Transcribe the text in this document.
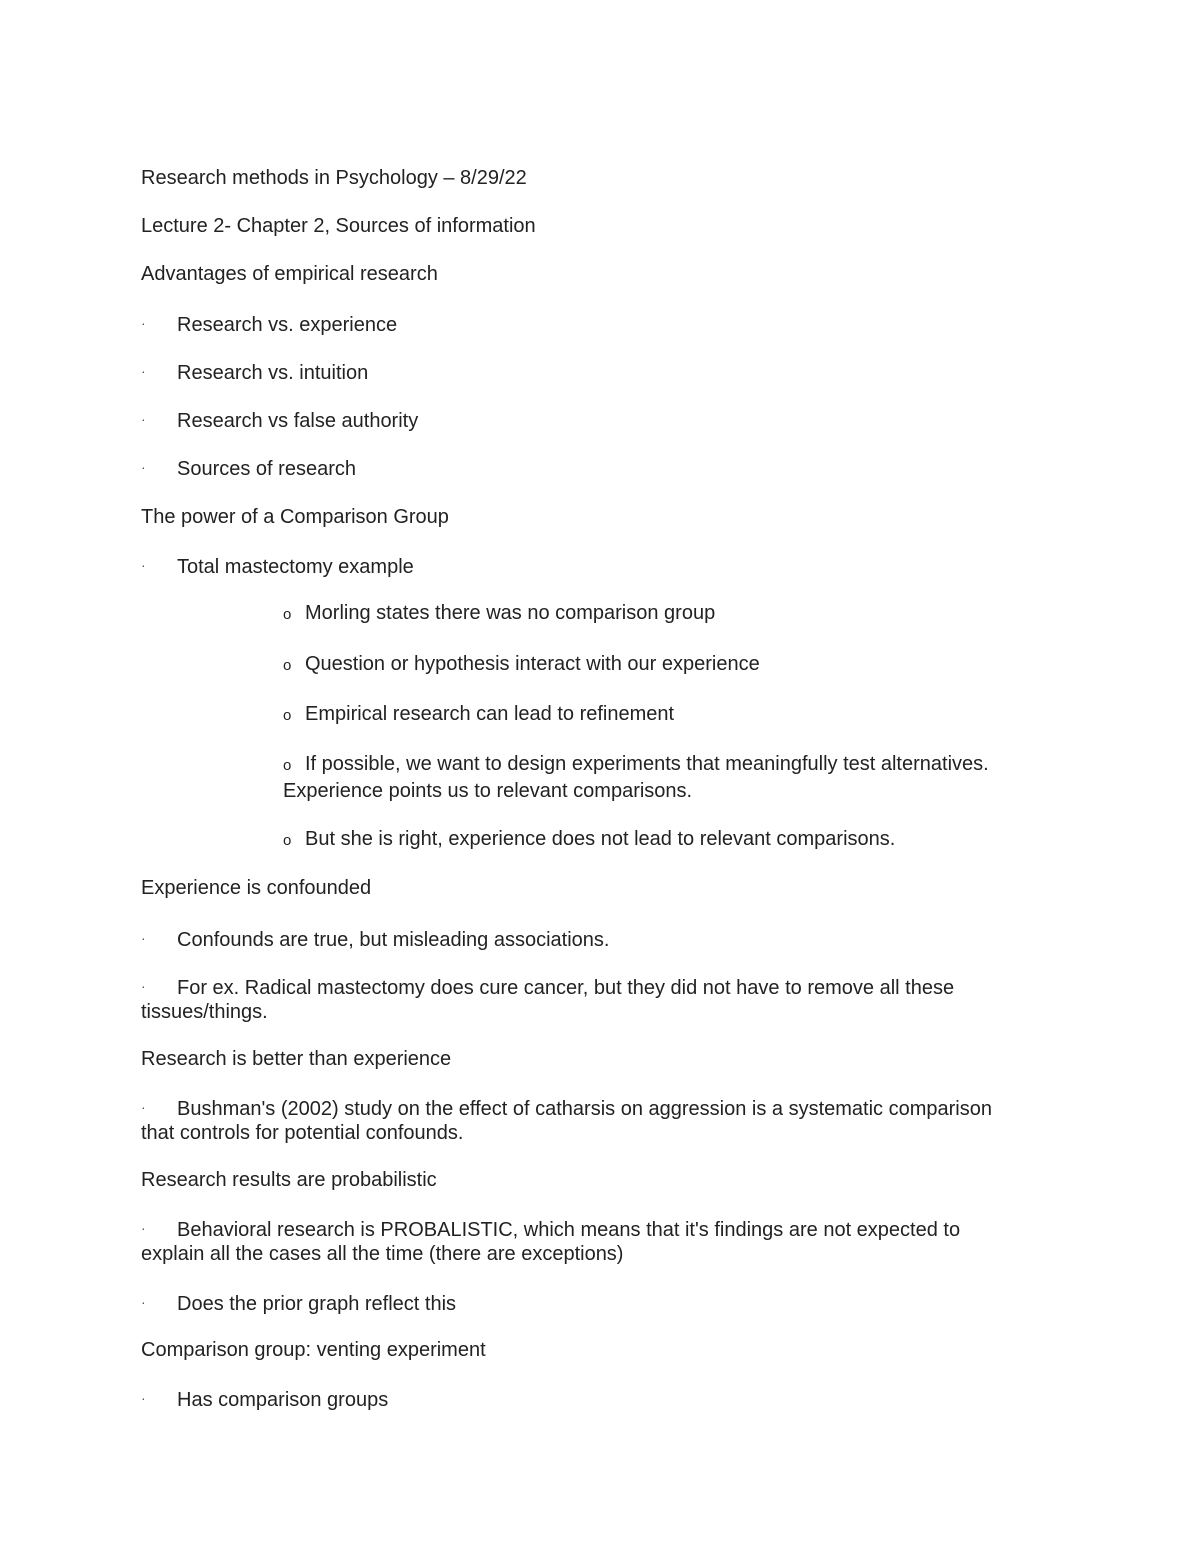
Research methods in Psychology – 8/29/22
Lecture 2- Chapter 2, Sources of information
Advantages of empirical research
· Research vs. experience
· Research vs. intuition
· Research vs false authority
· Sources of research
The power of a Comparison Group
· Total mastectomy example
o Morling states there was no comparison group
o Question or hypothesis interact with our experience
o Empirical research can lead to refinement
o If possible, we want to design experiments that meaningfully test alternatives.
Experience points us to relevant comparisons.
o But she is right, experience does not lead to relevant comparisons.
Experience is confounded
· Confounds are true, but misleading associations.
· For ex. Radical mastectomy does cure cancer, but they did not have to remove all these
tissues/things.
Research is better than experience
· Bushman's (2002) study on the effect of catharsis on aggression is a systematic comparison
that controls for potential confounds.
Research results are probabilistic
· Behavioral research is PROBALISTIC, which means that it's findings are not expected to
explain all the cases all the time (there are exceptions)
· Does the prior graph reflect this
Comparison group: venting experiment
· Has comparison groups
